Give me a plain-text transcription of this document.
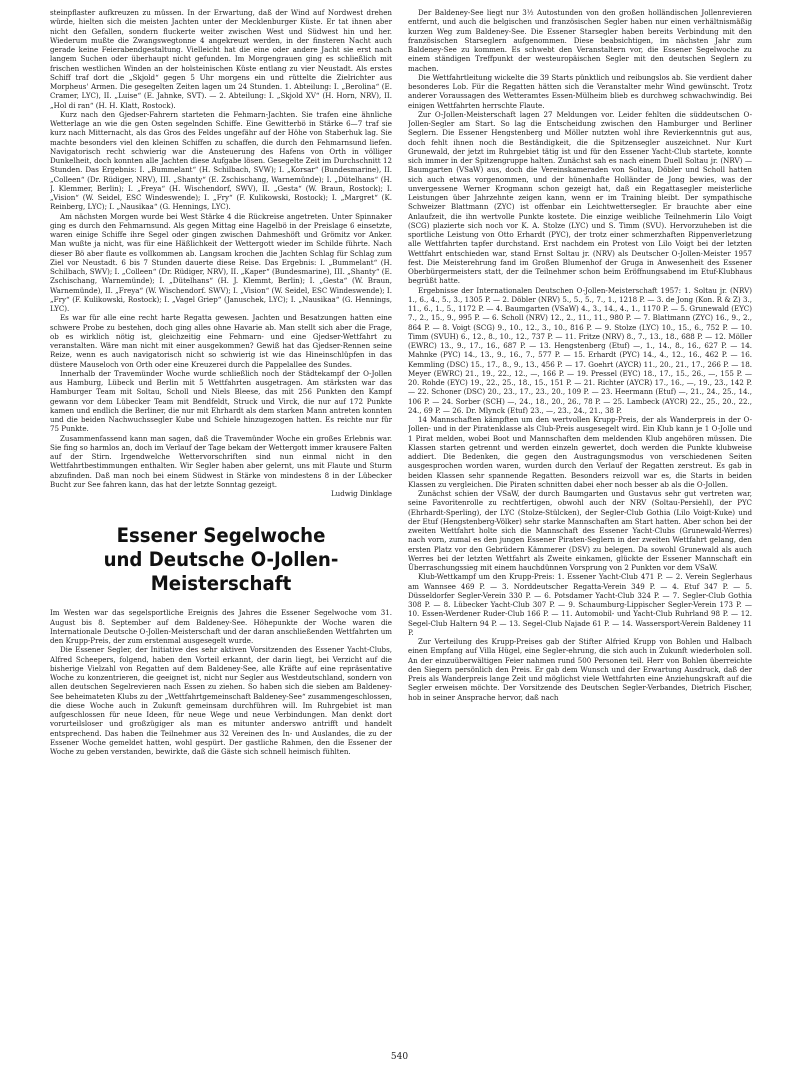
steinpflaster aufkreuzen zu müssen. In der Erwartung, daß der Wind auf Nordwest drehen würde, hielten sich die meisten Jachten unter der Mecklenburger Küste. Er tat ihnen aber nicht den Gefallen, sondern fluckerte weiter zwischen West und Südwest hin und her. Wiederum mußte die Zwangswegtonne 4 angekreuzt werden, in der finsteren Nacht auch gerade keine Feierabendgestaltung. Vielleicht hat die eine oder andere Jacht sie erst nach langem Suchen oder überhaupt nicht gefunden. Im Morgengrauen ging es schließlich mit frischen westlichen Winden an der holsteinischen Küste entlang zu vier Neustadt. Als erstes Schiff traf dort die „Skjold“ gegen 5 Uhr morgens ein und rüttelte die Zielrichter aus Morpheus' Armen. Die gesegelten Zeiten lagen um 24 Stunden. 1. Abteilung: I. „Berolina“ (E. Cramer, LYC), II. „Luise“ (E. Jahnke, SVT). — 2. Abteilung: I. „Skjold XV“ (H. Horn, NRV), II. „Hol di ran“ (H. H. Klatt, Rostock).

Kurz nach den Gjedser-Fahrern starteten die Fehmarn-Jachten. Sie trafen eine ähnliche Wetterlage an wie die gen Osten segelnden Schiffe. Eine Gewitterbö in Stärke 6—7 traf sie kurz nach Mitternacht, als das Gros des Feldes ungefähr auf der Höhe von Staberhuk lag. Sie machte besonders viel den kleinen Schiffen zu schaffen, die durch den Fehmarnsund liefen. Navigatorisch recht schwierig war die Ansteuerung des Hafens von Orth in völliger Dunkelheit, doch konnten alle Jachten diese Aufgabe lösen. Gesegelte Zeit im Durchschnitt 12 Stunden. Das Ergebnis: I. „Bummelant“ (H. Schilbach, SVW); I. „Korsar“ (Bundesmarine), II. „Colleen“ (Dr. Rüdiger, NRV), III. „Shanty“ (E. Zschischang, Warnemünde); I. „Dütelhans“ (H. J. Klemmer, Berlin); I. „Freya“ (H. Wischendorf, SWV), II. „Gesta“ (W. Braun, Rostock); I. „Vision“ (W. Seidel, ESC Windeswende); I. „Fry“ (F. Kulikowski, Rostock); I. „Margret“ (K. Reinberg, LYC); I. „Nausikaa“ (G. Hennings, LYC).

Am nächsten Morgen wurde bei West Stärke 4 die Rückreise angetreten. Unter Spinnaker ging es durch den Fehmarnsund. Als gegen Mittag eine Hagelbö in der Preislage 6 einsetzte, waren einige Schiffe ihre Segel oder gingen zwischen Dahmeshöft und Grömitz vor Anker. Man wußte ja nicht, was für eine Häßlichkeit der Wettergott wieder im Schilde führte. Nach dieser Bö aber flaute es vollkommen ab. Langsam krochen die Jachten Schlag für Schlag zum Ziel vor Neustadt. 6 bis 7 Stunden dauerte diese Reise. Das Ergebnis: I. „Bummelant“ (H. Schilbach, SWV); I. „Colleen“ (Dr. Rüdiger, NRV), II. „Kaper“ (Bundesmarine), III. „Shanty“ (E. Zschischang, Warnemünde); I. „Dütelhans“ (H. J. Klemmt, Berlin); I. „Gesta“ (W. Braun, Warnemünde), II. „Freya“ (W. Wischendorf. SWV); I. „Vision“ (W. Seidel, ESC Windeswende); I. „Fry“ (F. Kulikowski, Rostock); I. „Vagel Griep“ (Januschek, LYC); I. „Nausikaa“ (G. Hennings, LYC).

Es war für alle eine recht harte Regatta gewesen. Jachten und Besatzungen hatten eine schwere Probe zu bestehen, doch ging alles ohne Havarie ab. Man stellt sich aber die Frage, ob es wirklich nötig ist, gleichzeitig eine Fehmarn- und eine Gjedser-Wettfahrt zu veranstalten. Wäre man nicht mit einer ausgekommen? Gewiß hat das Gjedser-Rennen seine Reize, wenn es auch navigatorisch nicht so schwierig ist wie das Hineinschlüpfen in das düstere Mauseloch von Orth oder eine Kreuzerei durch die Pappelallee des Sundes.

Innerhalb der Travemünder Woche wurde schließlich noch der Städtekampf der O-Jollen aus Hamburg, Lübeck und Berlin mit 5 Wettfahrten ausgetragen. Am stärksten war das Hamburger Team mit Soltau, Scholl und Niels Bleese, das mit 256 Punkten den Kampf gewann vor dem Lübecker Team mit Bendfeldt, Struck und Virck, die nur auf 172 Punkte kamen und endlich die Berliner, die nur mit Ehrhardt als dem starken Mann antreten konnten und die beiden Nachwuchssegler Kube und Schiele hinzugezogen hatten. Es reichte nur für 75 Punkte.

Zusammenfassend kann man sagen, daß die Travemünder Woche ein großes Erlebnis war. Sie fing so harmlos an, doch im Verlauf der Tage bekam der Wettergott immer krausere Falten auf der Stirn. Irgendwelche Wettervorschriften sind nun einmal nicht in den Wettfahrtbestimmungen enthalten. Wir Segler haben aber gelernt, uns mit Flaute und Sturm abzufinden. Daß man noch bei einem Südwest in Stärke von mindestens 8 in der Lübecker Bucht zur See fahren kann, das hat der letzte Sonntag gezeigt.

Ludwig Dinklage

Essener Segelwoche
und Deutsche O-Jollen-Meisterschaft

Im Westen war das segelsportliche Ereignis des Jahres die Essener Segelwoche vom 31. August bis 8. September auf dem Baldeney-See. Höhepunkte der Woche waren die Internationale Deutsche O-Jollen-Meisterschaft und der daran anschließenden Wettfahrten um den Krupp-Preis, der zum erstenmal ausgesegelt wurde.

Die Essener Segler, der Initiative des sehr aktiven Vorsitzenden des Essener Yacht-Clubs, Alfred Scheepers, folgend, haben den Vorteil erkannt, der darin liegt, bei Verzicht auf die bisherige Vielzahl von Regatten auf dem Baldeney-See, alle Kräfte auf eine repräsentative Woche zu konzentrieren, die geeignet ist, nicht nur Segler aus Westdeutschland, sondern von allen deutschen Segelrevieren nach Essen zu ziehen. So haben sich die sieben am Baldeney-See beheimateten Klubs zu der „Wettfahrtgemeinschaft Baldeney-See“ zusammengeschlossen, die diese Woche auch in Zukunft gemeinsam durchführen will. Im Ruhrgebiet ist man aufgeschlossen für neue Ideen, für neue Wege und neue Verbindungen. Man denkt dort vorurteilsloser und großzügiger als man es mitunter anderswo antrifft und handelt entsprechend. Das haben die Teilnehmer aus 32 Vereinen des In- und Auslandes, die zu der Essener Woche gemeldet hatten, wohl gespürt. Der gastliche Rahmen, den die Essener der Woche zu geben verstanden, bewirkte, daß die Gäste sich schnell heimisch fühlten.

Der Baldeney-See liegt nur 3½ Autostunden von den großen holländischen Jollenrevieren entfernt, und auch die belgischen und französischen Segler haben nur einen verhältnismäßig kurzen Weg zum Baldeney-See. Die Essener Starsegler haben bereits Verbindung mit den französischen Starseglern aufgenommen. Diese beabsichtigen, im nächsten Jahr zum Baldeney-See zu kommen. Es schwebt den Veranstaltern vor, die Essener Segelwoche zu einem ständigen Treffpunkt der westeuropäischen Segler mit den deutschen Seglern zu machen.

Die Wettfahrtleitung wickelte die 39 Starts pünktlich und reibungslos ab. Sie verdient daher besonderes Lob. Für die Regatten hätten sich die Veranstalter mehr Wind gewünscht. Trotz anderer Voraussagen des Wetteramtes Essen-Mülheim blieb es durchweg schwachwindig. Bei einigen Wettfahrten herrschte Flaute.

Zur O-Jollen-Meisterschaft lagen 27 Meldungen vor. Leider fehlten die süddeutschen O-Jollen-Segler am Start. So lag die Entscheidung zwischen den Hamburger und Berliner Seglern. Die Essener Hengstenberg und Möller nutzten wohl ihre Revierkenntnis gut aus, doch fehlt ihnen noch die Beständigkeit, die die Spitzensegler auszeichnet. Nur Kurt Grunewald, der jetzt im Ruhrgebiet tätig ist und für den Essener Yacht-Club startete, konnte sich immer in der Spitzengruppe halten. Zunächst sah es nach einem Duell Soltau jr. (NRV) — Baumgarten (VSaW) aus, doch die Vereinskameraden von Soltau, Döbler und Scholl hatten sich auch etwas vorgenommen, und der hünenhafte Holländer de Jong bewies, was der unvergessene Werner Krogmann schon gezeigt hat, daß ein Regattasegler meisterliche Leistungen über Jahrzehnte zeigen kann, wenn er im Training bleibt. Der sympathische Schweizer Blattmann (ZYC) ist offenbar ein Leichtwettersegler. Er brauchte aber eine Anlaufzeit, die ihn wertvolle Punkte kostete. Die einzige weibliche Teilnehmerin Lilo Voigt (SCG) plazierte sich noch vor K. A. Stolze (LYC) und S. Timm (SVU). Hervorzuheben ist die sportliche Leistung von Otto Erhardt (PYC), der trotz einer schmerzhaften Rippenverletzung alle Wettfahrten tapfer durchstand. Erst nachdem ein Protest von Lilo Voigt bei der letzten Wettfahrt entschieden war, stand Ernst Soltau jr. (NRV) als Deutscher O-Jollen-Meister 1957 fest. Die Meisterehrung fand im Großen Blumenhof der Gruga in Anwesenheit des Essener Oberbürgermeisters statt, der die Teilnehmer schon beim Eröffnungsabend im Etuf-Klubhaus begrüßt hatte.

Ergebnisse der Internationalen Deutschen O-Jollen-Meisterschaft 1957: 1. Soltau jr. (NRV) 1., 6., 4., 5., 3., 1305 P. — 2. Döbler (NRV) 5., 5., 5., 7., 1., 1218 P. — 3. de Jong (Kon. R & Z) 3., 11., 6., 1., 5., 1172 P. — 4. Baumgarten (VSaW) 4., 3., 14., 4., 1., 1170 P. — 5. Grunewald (EYC) 7., 2., 15., 9., 995 P. — 6. Scholl (NRV) 12., 2., 11., 11., 980 P. — 7. Blattmann (ZYC) 16., 9., 2., 864 P. — 8. Voigt (SCG) 9., 10., 12., 3., 10., 816 P. — 9. Stolze (LYC) 10., 15., 6., 752 P. — 10. Timm (SVUH) 6., 12., 8., 10., 12., 737 P. — 11. Fritze (NRV) 8., 7., 13., 18., 688 P. — 12. Möller (EWRC) 13., 9., 17., 16., 687 P. — 13. Hengstenberg (Etuf) —, 1., 14., 8., 16., 627 P. — 14. Mahnke (PYC) 14., 13., 9., 16., 7., 577 P. — 15. Erhardt (PYC) 14., 4., 12., 16., 462 P. — 16. Kemmling (DSC) 15., 17., 8., 9., 13., 456 P. — 17. Goehrt (AYCR) 11., 20., 21., 17., 266 P. — 18. Meyer (EWRC) 21., 19., 22., 12., —, 166 P. — 19. Pressel (EYC) 18., 17., 15., 26., —, 155 P. — 20. Rohde (EYC) 19., 22., 25., 18., 15., 151 P. — 21. Richter (AYCR) 17., 16., —, 19., 23., 142 P. — 22. Schoner (DSC) 20., 23., 17., 23., 20., 109 P. — 23. Heermann (Etuf) —, 21., 24., 25., 14., 106 P. — 24. Sorber (SCH) —, 24., 18., 20., 26., 78 P. — 25. Lambeck (AYCR) 22., 25., 20., 22., 24., 69 P. — 26. Dr. Mlynck (Etuf) 23., —, 23., 24., 21., 38 P.

14 Mannschaften kämpften um den wertvollen Krupp-Preis, der als Wanderpreis in der O-Jollen- und in der Piratenklasse als Club-Preis ausgesegelt wird. Ein Klub kann je 1 O-Jolle und 1 Pirat melden, wobei Boot und Mannschaften dem meldenden Klub angehören müssen. Die Klassen starten getrennt und werden einzeln gewertet, doch werden die Punkte klubweise addiert. Die Bedenken, die gegen den Austragungsmodus von verschiedenen Seiten ausgesprochen worden waren, wurden durch den Verlauf der Regatten zerstreut. Es gab in beiden Klassen sehr spannende Regatten. Besonders reizvoll war es, die Starts in beiden Klassen zu vergleichen. Die Piraten schnitten dabei eher noch besser ab als die O-Jollen.

Zunächst schien der VSaW, der durch Baumgarten und Gustavus sehr gut vertreten war, seine Favoritenrolle zu rechtfertigen, obwohl auch der NRV (Soltau-Persiehl), der PYC (Ehrhardt-Sperling), der LYC (Stolze-Stülcken), der Segler-Club Gothia (Lilo Voigt-Kuke) und der Etuf (Hengstenberg-Völker) sehr starke Mannschaften am Start hatten. Aber schon bei der zweiten Wettfahrt holte sich die Mannschaft des Essener Yacht-Clubs (Grunewald-Werres) nach vorn, zumal es den jungen Essener Piraten-Seglern in der zweiten Wettfahrt gelang, den ersten Platz vor den Gebrüdern Kämmerer (DSV) zu belegen. Da sowohl Grunewald als auch Werres bei der letzten Wettfahrt als Zweite einkamen, glückte der Essener Mannschaft ein Überraschungssieg mit einem hauchdünnen Vorsprung von 2 Punkten vor dem VSaW.

Klub-Wettkampf um den Krupp-Preis: 1. Essener Yacht-Club 471 P. — 2. Verein Seglerhaus am Wannsee 469 P. — 3. Norddeutscher Regatta-Verein 349 P. — 4. Etuf 347 P. — 5. Düsseldorfer Segler-Verein 330 P. — 6. Potsdamer Yacht-Club 324 P. — 7. Segler-Club Gothia 308 P. — 8. Lübecker Yacht-Club 307 P. — 9. Schaumburg-Lippischer Segler-Verein 173 P. — 10. Essen-Werdener Ruder-Club 166 P. — 11. Automobil- und Yacht-Club Ruhrland 98 P. — 12. Segel-Club Haltern 94 P. — 13. Segel-Club Najade 61 P. — 14. Wassersport-Verein Baldeney 11 P.

Zur Verteilung des Krupp-Preises gab der Stifter Alfried Krupp von Bohlen und Halbach einen Empfang auf Villa Hügel, eine Segler-ehrung, die sich auch in Zukunft wiederholen soll. An der einzuüberwältigen Feier nahmen rund 500 Personen teil. Herr von Bohlen überreichte den Siegern persönlich den Preis. Er gab dem Wunsch und der Erwartung Ausdruck, daß der Preis als Wanderpreis lange Zeit und möglichst viele Wettfahrten eine Anziehungskraft auf die Segler erweisen möchte. Der Vorsitzende des Deutschen Segler-Verbandes, Dietrich Fischer, hob in seiner Ansprache hervor, daß nach

540
